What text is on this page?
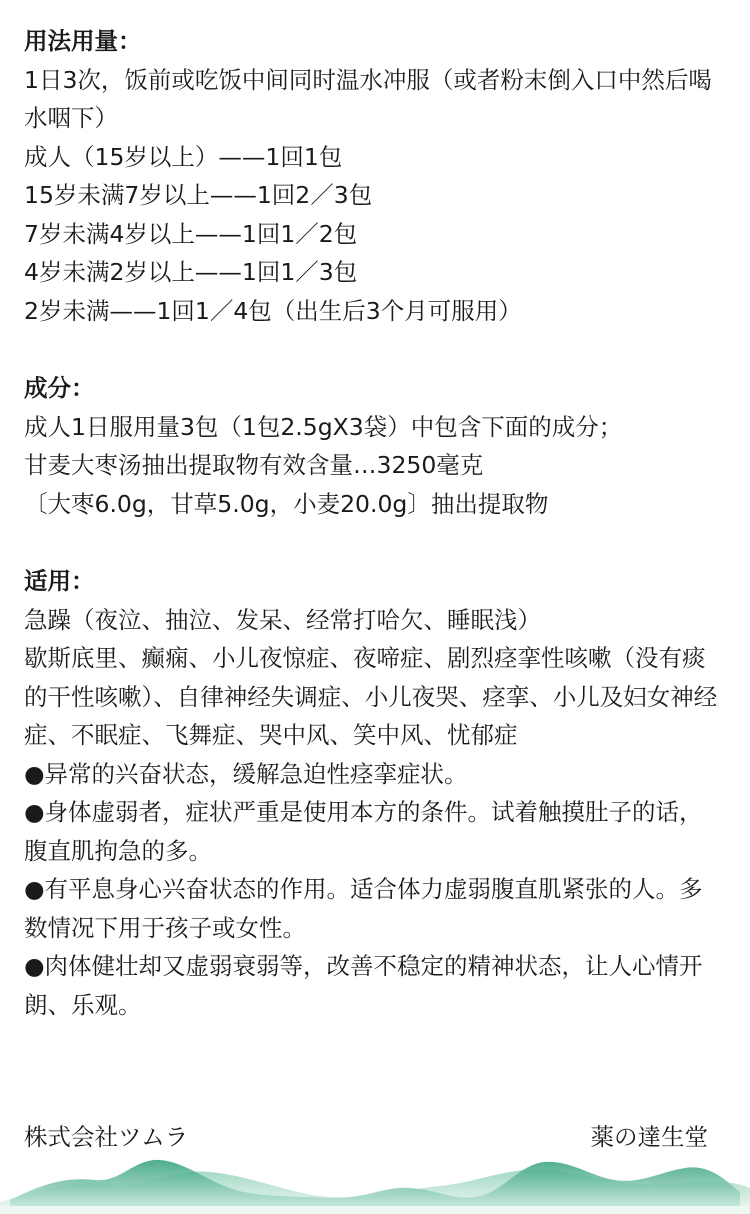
用法用量：
1日3次，饭前或吃饭中间同时温水冲服（或者粉末倒入口中然后喝水咽下）
成人（15岁以上）——1回1包
15岁未满7岁以上——1回2／3包
7岁未满4岁以上——1回1／2包
4岁未满2岁以上——1回1／3包
2岁未满——1回1／4包（出生后3个月可服用）
成分：
成人1日服用量3包（1包2.5gX3袋）中包含下面的成分；
甘麦大枣汤抽出提取物有效含量…3250毫克
〔大枣6.0g，甘草5.0g，小麦20.0g〕抽出提取物
适用：
急躁（夜泣、抽泣、发呆、经常打哈欠、睡眠浅）
歇斯底里、癫痫、小儿夜惊症、夜啼症、剧烈痉挛性咳嗽（没有痰的干性咳嗽）、自律神经失调症、小儿夜哭、痉挛、小儿及妇女神经症、不眠症、飞舞症、哭中风、笑中风、忧郁症
●异常的兴奋状态，缓解急迫性痉挛症状。
●身体虚弱者，症状严重是使用本方的条件。试着触摸肚子的话，腹直肌拘急的多。
●有平息身心兴奋状态的作用。适合体力虚弱腹直肌紧张的人。多数情况下用于孩子或女性。
●肉体健壮却又虚弱衰弱等，改善不稳定的精神状态，让人心情开朗、乐观。
株式会社ツムラ	薬の達生堂
